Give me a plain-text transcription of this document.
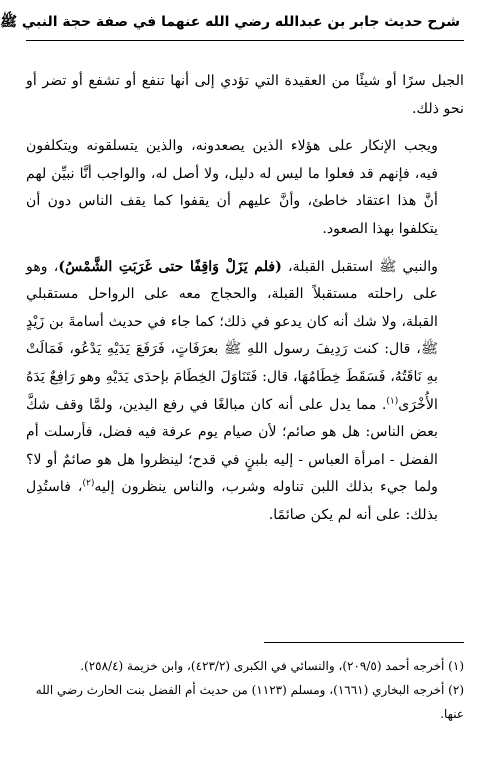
شرح حديث جابر بن عبدالله رضي الله عنهما في صفة حجة النبي ﷺ

الجبل سرًا أو شيئًا من العقيدة التي تؤدي إلى أنها تنفع أو تشفع أو تضر أو نحو ذلك.

ويجب الإنكار على هؤلاء الذين يصعدونه، والذين يتسلقونه ويتكلفون فيه، فإنهم قد فعلوا ما ليس له دليل، ولا أصل له، والواجب أنَّا نبيِّن لهم أنَّ هذا اعتقاد خاطئ، وأنَّ عليهم أن يقفوا كما يقف الناس دون أن يتكلفوا بهذا الصعود.

والنبي ﷺ استقبل القبلة، (فلم يَزَلْ وَاقِفًا حتى غَرَبَتِ الشَّمْسُ)، وهو على راحلته مستقبلاً القبلة، والحجاج معه على الرواحل مستقبلي القبلة، ولا شك أنه كان يدعو في ذلك؛ كما جاء في حديث أسامةَ بن زَيْدٍ ﷺ، قال: كنت رَدِيفَ رسول اللهِ ﷺ بعرَفَاتٍ، فَرَفَعَ يَدَيْهِ يَدْعُو، فَمَالَتْ بهِ نَاقَتُهُ، فَسَقَطَ خِطَامُهَا، قال: فَتَنَاوَلَ الخِطَامَ بإحدَى يَدَيْهِ وهو رَافِعٌ يَدَهُ الأُخْرَى$^{(١)}$. مما يدل على أنه كان مبالغًا في رفع اليدين، ولمَّا وقف شكَّ بعض الناس: هل هو صائم؛ لأن صيام يوم عرفة فيه فضل، فأرسلت أم الفضل - امرأة العباس - إليه بلبنٍ في قدح؛ لينظروا هل هو صائمٌ أو لا؟ ولما جيء بذلك اللبن تناوله وشرب، والناس ينظرون إليه$^{(٢)}$، فاستُدِل بذلك: على أنه لم يكن صائمًا.

(١) أخرجه أحمد (٢٠٩/٥)، والنسائي في الكبرى (٤٢٣/٢)، وابن خزيمة (٢٥٨/٤).

(٢) أخرجه البخاري (١٦٦١)، ومسلم (١١٢٣) من حديث أم الفضل بنت الحارث رضي الله عنها.
